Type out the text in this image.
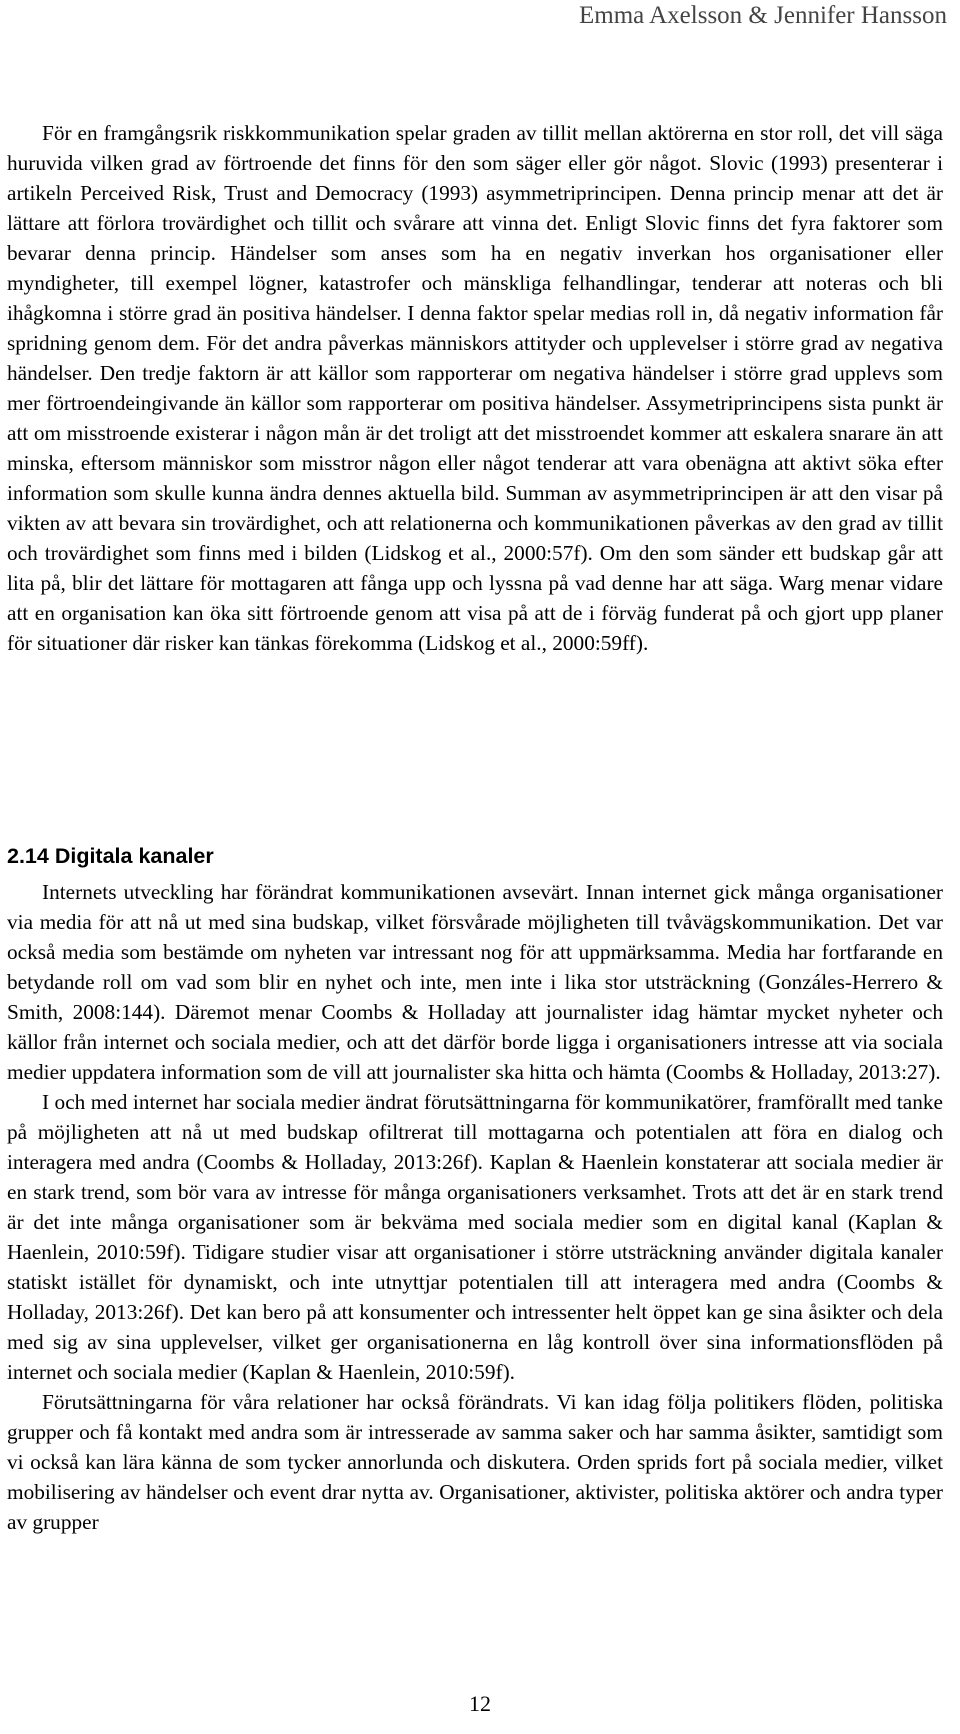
Emma Axelsson & Jennifer Hansson

För en framgångsrik riskkommunikation spelar graden av tillit mellan aktörerna en stor roll, det vill säga huruvida vilken grad av förtroende det finns för den som säger eller gör något. Slovic (1993) presenterar i artikeln Perceived Risk, Trust and Democracy (1993) asymmetriprincipen. Denna princip menar att det är lättare att förlora trovärdighet och tillit och svårare att vinna det. Enligt Slovic finns det fyra faktorer som bevarar denna princip. Händelser som anses som ha en negativ inverkan hos organisationer eller myndigheter, till exempel lögner, katastrofer och mänskliga felhandlingar, tenderar att noteras och bli ihågkomna i större grad än positiva händelser. I denna faktor spelar medias roll in, då negativ information får spridning genom dem. För det andra påverkas människors attityder och upplevelser i större grad av negativa händelser. Den tredje faktorn är att källor som rapporterar om negativa händelser i större grad upplevs som mer förtroendeingivande än källor som rapporterar om positiva händelser. Assymetriprincipens sista punkt är att om misstroende existerar i någon mån är det troligt att det misstroendet kommer att eskalera snarare än att minska, eftersom människor som misstror någon eller något tenderar att vara obenägna att aktivt söka efter information som skulle kunna ändra dennes aktuella bild. Summan av asymmetriprincipen är att den visar på vikten av att bevara sin trovärdighet, och att relationerna och kommunikationen påverkas av den grad av tillit och trovärdighet som finns med i bilden (Lidskog et al., 2000:57f). Om den som sänder ett budskap går att lita på, blir det lättare för mottagaren att fånga upp och lyssna på vad denne har att säga. Warg menar vidare att en organisation kan öka sitt förtroende genom att visa på att de i förväg funderat på och gjort upp planer för situationer där risker kan tänkas förekomma (Lidskog et al., 2000:59ff).

2.14 Digitala kanaler

Internets utveckling har förändrat kommunikationen avsevärt. Innan internet gick många organisationer via media för att nå ut med sina budskap, vilket försvårade möjligheten till tvåvägskommunikation. Det var också media som bestämde om nyheten var intressant nog för att uppmärksamma. Media har fortfarande en betydande roll om vad som blir en nyhet och inte, men inte i lika stor utsträckning (Gonzáles-Herrero & Smith, 2008:144). Däremot menar Coombs & Holladay att journalister idag hämtar mycket nyheter och källor från internet och sociala medier, och att det därför borde ligga i organisationers intresse att via sociala medier uppdatera information som de vill att journalister ska hitta och hämta (Coombs & Holladay, 2013:27).

I och med internet har sociala medier ändrat förutsättningarna för kommunikatörer, framförallt med tanke på möjligheten att nå ut med budskap ofiltrerat till mottagarna och potentialen att föra en dialog och interagera med andra (Coombs & Holladay, 2013:26f). Kaplan & Haenlein konstaterar att sociala medier är en stark trend, som bör vara av intresse för många organisationers verksamhet. Trots att det är en stark trend är det inte många organisationer som är bekväma med sociala medier som en digital kanal (Kaplan & Haenlein, 2010:59f). Tidigare studier visar att organisationer i större utsträckning använder digitala kanaler statiskt istället för dynamiskt, och inte utnyttjar potentialen till att interagera med andra (Coombs & Holladay, 2013:26f). Det kan bero på att konsumenter och intressenter helt öppet kan ge sina åsikter och dela med sig av sina upplevelser, vilket ger organisationerna en låg kontroll över sina informationsflöden på internet och sociala medier (Kaplan & Haenlein, 2010:59f).

Förutsättningarna för våra relationer har också förändrats. Vi kan idag följa politikers flöden, politiska grupper och få kontakt med andra som är intresserade av samma saker och har samma åsikter, samtidigt som vi också kan lära känna de som tycker annorlunda och diskutera. Orden sprids fort på sociala medier, vilket mobilisering av händelser och event drar nytta av. Organisationer, aktivister, politiska aktörer och andra typer av grupper

12
